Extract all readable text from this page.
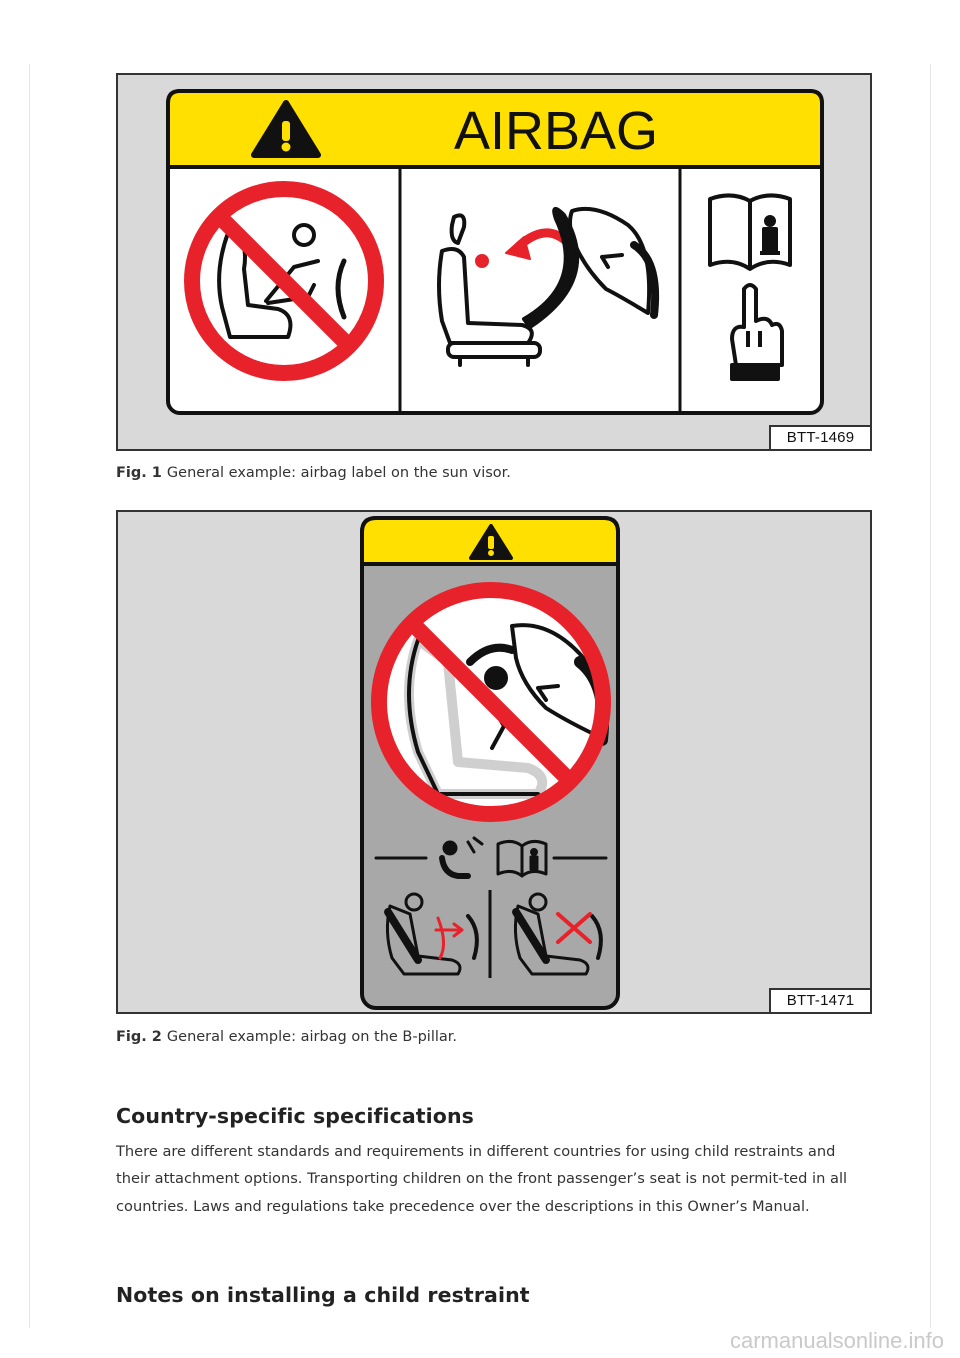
AIRBAG
BTT-1469
Fig. 1 General example: airbag label on the sun visor.
BTT-1471
Fig. 2 General example: airbag on the B-pillar.
Country-specific specifications

There are different standards and requirements in different countries for using child restraints and their attachment options. Transporting children on the front passenger’s seat is not permit-ted in all countries. Laws and regulations take precedence over the descriptions in this Owner’s Manual.

Notes on installing a child restraint
carmanualsonline.info
